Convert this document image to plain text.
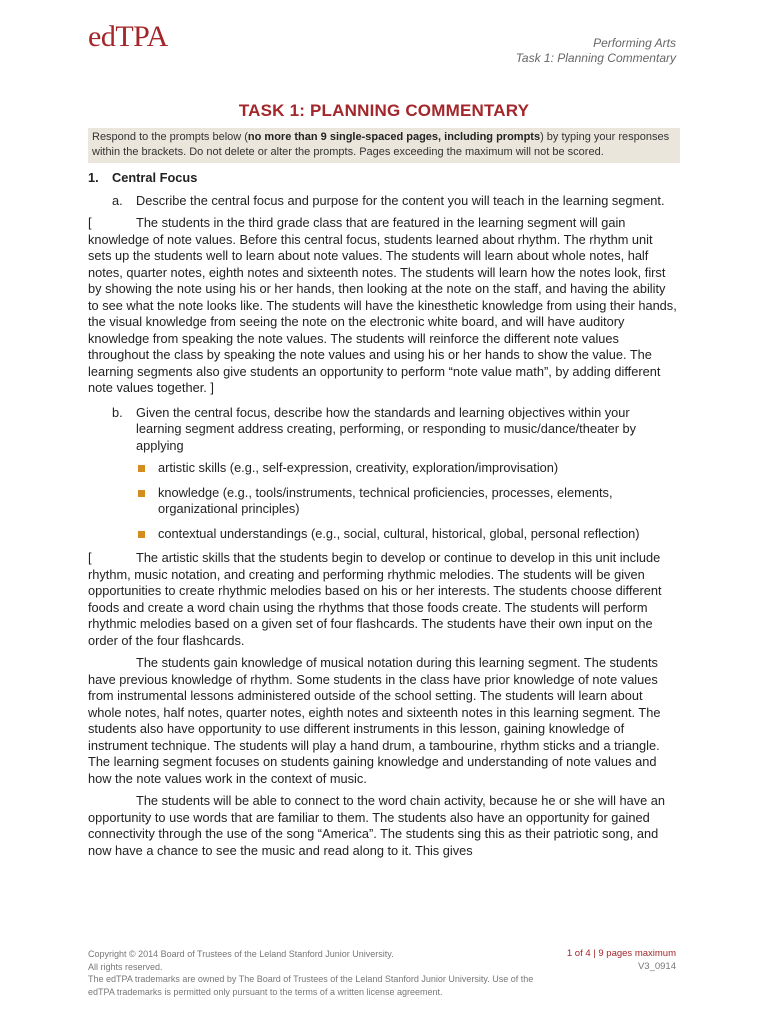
edTPA	Performing Arts
Task 1: Planning Commentary
TASK 1: PLANNING COMMENTARY
Respond to the prompts below (no more than 9 single-spaced pages, including prompts) by typing your responses within the brackets. Do not delete or alter the prompts. Pages exceeding the maximum will not be scored.
1. Central Focus
a. Describe the central focus and purpose for the content you will teach in the learning segment.

[	The students in the third grade class that are featured in the learning segment will gain knowledge of note values. Before this central focus, students learned about rhythm. The rhythm unit sets up the students well to learn about note values. The students will learn about whole notes, half notes, quarter notes, eighth notes and sixteenth notes. The students will learn how the notes look, first by showing the note using his or her hands, then looking at the note on the staff, and having the ability to see what the note looks like. The students will have the kinesthetic knowledge from using their hands, the visual knowledge from seeing the note on the electronic white board, and will have auditory knowledge from speaking the note values. The students will reinforce the different note values throughout the class by speaking the note values and using his or her hands to show the value. The learning segments also give students an opportunity to perform “note value math”, by adding different note values together. ]

b. Given the central focus, describe how the standards and learning objectives within your learning segment address creating, performing, or responding to music/dance/theater by applying
artistic skills (e.g., self-expression, creativity, exploration/improvisation)
knowledge (e.g., tools/instruments, technical proficiencies, processes, elements, organizational principles)
contextual understandings (e.g., social, cultural, historical, global, personal reflection)

[	The artistic skills that the students begin to develop or continue to develop in this unit include rhythm, music notation, and creating and performing rhythmic melodies. The students will be given opportunities to create rhythmic melodies based on his or her interests. The students choose different foods and create a word chain using the rhythms that those foods create. The students will perform rhythmic melodies based on a given set of four flashcards. The students have their own input on the order of the four flashcards.

The students gain knowledge of musical notation during this learning segment. The students have previous knowledge of rhythm. Some students in the class have prior knowledge of note values from instrumental lessons administered outside of the school setting. The students will learn about whole notes, half notes, quarter notes, eighth notes and sixteenth notes in this learning segment. The students also have opportunity to use different instruments in this lesson, gaining knowledge of instrument technique. The students will play a hand drum, a tambourine, rhythm sticks and a triangle. The learning segment focuses on students gaining knowledge and understanding of note values and how the note values work in the context of music.

The students will be able to connect to the word chain activity, because he or she will have an opportunity to use words that are familiar to them. The students also have an opportunity for gained connectivity through the use of the song “America”. The students sing this as their patriotic song, and now have a chance to see the music and read along to it. This gives

Copyright © 2014 Board of Trustees of the Leland Stanford Junior University.
All rights reserved.
The edTPA trademarks are owned by The Board of Trustees of the Leland Stanford Junior University. Use of the edTPA trademarks is permitted only pursuant to the terms of a written license agreement.
1 of 4 | 9 pages maximum
V3_0914
